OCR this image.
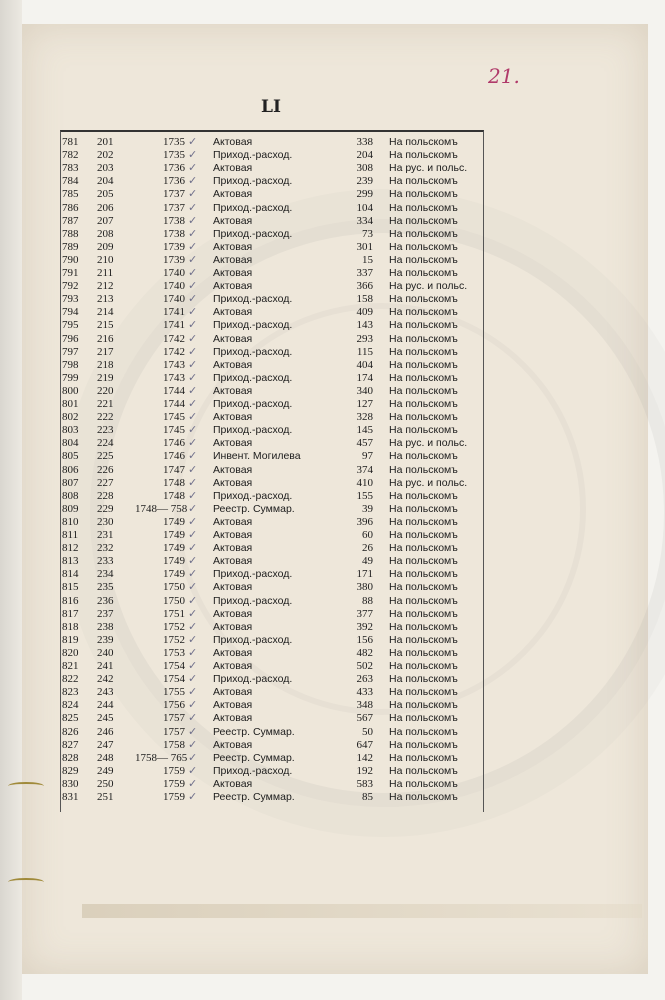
LI
21.
781 201	1735	Актовая	338 На польскомъ
✓
782 202	1735	Приход.-расход.	204 На польскомъ
✓
783 203	1736	Актовая	308 На рус. и польс.
✓
784 204	1736	Приход.-расход.	239 На польскомъ
✓
785 205	1737	Актовая	299 На польскомъ
✓
786 206	1737	Приход.-расход.	104 На польскомъ
✓
787 207	1738	Актовая	334 На польскомъ
✓
788 208	1738	Приход.-расход.	73 На польскомъ
✓
789 209	1739	Актовая	301 На польскомъ
✓
790 210	1739	Актовая	15 На польскомъ
✓
791 211	1740	Актовая	337 На польскомъ
✓
792 212	1740	Актовая	366 На рус. и польс.
✓
793 213	1740	Приход.-расход.	158 На польскомъ
✓
794 214	1741	Актовая	409 На польскомъ
✓
795 215	1741	Приход.-расход.	143 На польскомъ
✓
796 216	1742	Актовая	293 На польскомъ
✓
797 217	1742	Приход.-расход.	115 На польскомъ
✓
798 218	1743	Актовая	404 На польскомъ
✓
799 219	1743	Приход.-расход.	174 На польскомъ
✓
800 220	1744	Актовая	340 На польскомъ
✓
801 221	1744	Приход.-расход.	127 На польскомъ
✓
802 222	1745	Актовая	328 На польскомъ
✓
803 223	1745	Приход.-расход.	145 На польскомъ
✓
804 224	1746	Актовая	457 На рус. и польс.
✓
805 225	1746	Инвент. Могилева	97 На польскомъ
✓
806 226	1747	Актовая	374 На польскомъ
✓
807 227	1748	Актовая	410 На рус. и польс.
✓
808 228	1748	Приход.-расход.	155 На польскомъ
✓
809 229 1748— 758 Реестр. Суммар.	39 На польскомъ
✓
810 230	1749	Актовая	396 На польскомъ
✓
811 231	1749	Актовая	60 На польскомъ
✓
812 232	1749	Актовая	26 На польскомъ
✓
813 233	1749	Актовая	49 На польскомъ
✓
814 234	1749	Приход.-расход.	171 На польскомъ
✓
815 235	1750	Актовая	380 На польскомъ
✓
816 236	1750	Приход.-расход.	88 На польскомъ
✓
817 237	1751	Актовая	377 На польскомъ
✓
818 238	1752	Актовая	392 На польскомъ
✓
819 239	1752	Приход.-расход.	156 На польскомъ
✓
820 240	1753	Актовая	482 На польскомъ
✓
821 241	1754	Актовая	502 На польскомъ
✓
822 242	1754	Приход.-расход.	263 На польскомъ
✓
823 243	1755	Актовая	433 На польскомъ
✓
824 244	1756	Актовая	348 На польскомъ
✓
825 245	1757	Актовая	567 На польскомъ
✓
826 246	1757	Реестр. Суммар.	50 На польскомъ
✓
827 247	1758	Актовая	647 На польскомъ
✓
828 248 1758— 765 Реестр. Суммар.	142 На польскомъ
✓
829 249	1759	Приход.-расход.	192 На польскомъ
✓
830 250	1759	Актовая	583 На польскомъ
✓
831 251	1759	Реестр. Суммар.	85 На польскомъ
✓
